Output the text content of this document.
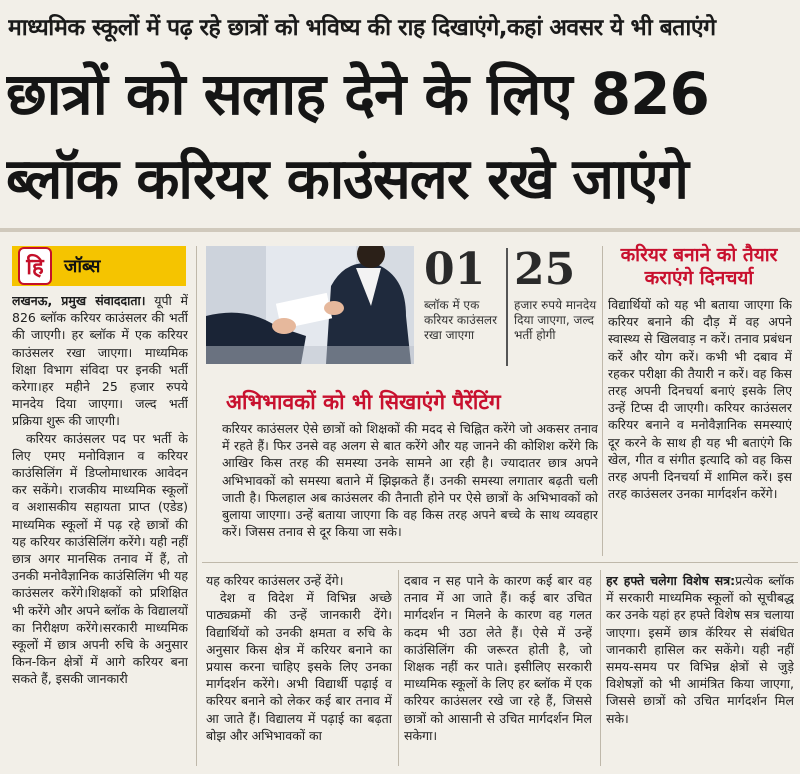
माध्यमिक स्कूलों में पढ़ रहे छात्रों को भविष्य की राह दिखाएंगे,कहां अवसर ये भी बताएंगे
छात्रों को सलाह देने के लिए 826
ब्लॉक करियर काउंसलर रखे जाएंगे
हि	जॉब्स

लखनऊ, प्रमुख संवाददाता। यूपी में 826 ब्लॉक करियर काउंसलर की भर्ती की जाएगी। हर ब्लॉक में एक करियर काउंसलर रखा जाएगा। माध्यमिक शिक्षा विभाग संविदा पर इनकी भर्ती करेगा।हर महीने 25 हजार रुपये मानदेय दिया जाएगा। जल्द भर्ती प्रक्रिया शुरू की जाएगी।

करियर काउंसलर पद पर भर्ती के लिए एमए मनोविज्ञान व करियर काउंसिलिंग में डिप्लोमाधारक आवेदन कर सकेंगे। राजकीय माध्यमिक स्कूलों व अशासकीय सहायता प्राप्त (एडेड) माध्यमिक स्कूलों में पढ़ रहे छात्रों की यह करियर काउंसिलिंग करेंगे। यही नहीं छात्र अगर मानसिक तनाव में हैं, तो उनकी मनोवैज्ञानिक काउंसिलिंग भी यह काउंसलर करेंगे।शिक्षकों को प्रशिक्षित भी करेंगे और अपने ब्लॉक के विद्यालयों का निरीक्षण करेंगे।सरकारी माध्यमिक स्कूलों में छात्र अपनी रुचि के अनुसार किन-किन क्षेत्रों में आगे करियर बना सकते हैं, इसकी जानकारी

01
ब्लॉक में एक करियर काउंसलर रखा जाएगा
25
हजार रुपये मानदेय दिया जाएगा, जल्द भर्ती होगी
करियर बनाने को तैयार कराएंगे दिनचर्या

विद्यार्थियों को यह भी बताया जाएगा कि करियर बनाने की दौड़ में वह अपने स्वास्थ्य से खिलवाड़ न करें। तनाव प्रबंधन करें और योग करें। कभी भी दबाव में रहकर परीक्षा की तैयारी न करें। वह किस तरह अपनी दिनचर्या बनाएं इसके लिए उन्हें टिप्स दी जाएगी। करियर काउंसलर करियर बनाने व मनोवैज्ञानिक समस्याएं दूर करने के साथ ही यह भी बताएंगे कि खेल, गीत व संगीत इत्यादि को वह किस तरह अपनी दिनचर्या में शामिल करें। इस तरह काउंसलर उनका मार्गदर्शन करेंगे।

अभिभावकों को भी सिखाएंगे पैरेंटिंग

करियर काउंसलर ऐसे छात्रों को शिक्षकों की मदद से चिह्नित करेंगे जो अकसर तनाव में रहते हैं। फिर उनसे वह अलग से बात करेंगे और यह जानने की कोशिश करेंगे कि आखिर किस तरह की समस्या उनके सामने आ रही है। ज्यादातर छात्र अपने अभिभावकों को समस्या बताने में झिझकते हैं। उनकी समस्या लगातार बढ़ती चली जाती है। फिलहाल अब काउंसलर की तैनाती होने पर ऐसे छात्रों के अभिभावकों को बुलाया जाएगा। उन्हें बताया जाएगा कि वह किस तरह अपने बच्चे के साथ व्यवहार करें। जिसस तनाव से दूर किया जा सके।

यह करियर काउंसलर उन्हें देंगे।

देश व विदेश में विभिन्न अच्छे पाठ्यक्रमों की उन्हें जानकारी देंगे। विद्यार्थियों को उनकी क्षमता व रुचि के अनुसार किस क्षेत्र में करियर बनाने का प्रयास करना चाहिए इसके लिए उनका मार्गदर्शन करेंगे। अभी विद्यार्थी पढ़ाई व करियर बनाने को लेकर कई बार तनाव में आ जाते हैं। विद्यालय में पढ़ाई का बढ़ता बोझ और अभिभावकों का

दबाव न सह पाने के कारण कई बार वह तनाव में आ जाते हैं। कई बार उचित मार्गदर्शन न मिलने के कारण वह गलत कदम भी उठा लेते हैं। ऐसे में उन्हें काउंसिलिंग की जरूरत होती है, जो शिक्षक नहीं कर पाते। इसीलिए सरकारी माध्यमिक स्कूलों के लिए हर ब्लॉक में एक करियर काउंसलर रखे जा रहे हैं, जिससे छात्रों को आसानी से उचित मार्गदर्शन मिल सकेगा।

हर हफ्ते चलेगा विशेष सत्र:प्रत्येक ब्लॉक में सरकारी माध्यमिक स्कूलों को सूचीबद्ध कर उनके यहां हर हफ्ते विशेष सत्र चलाया जाएगा। इसमें छात्र कॅरियर से संबंधित जानकारी हासिल कर सकेंगे। यही नहीं समय-समय पर विभिन्न क्षेत्रों से जुड़े विशेषज्ञों को भी आमंत्रित किया जाएगा, जिससे छात्रों को उचित मार्गदर्शन मिल सके।
